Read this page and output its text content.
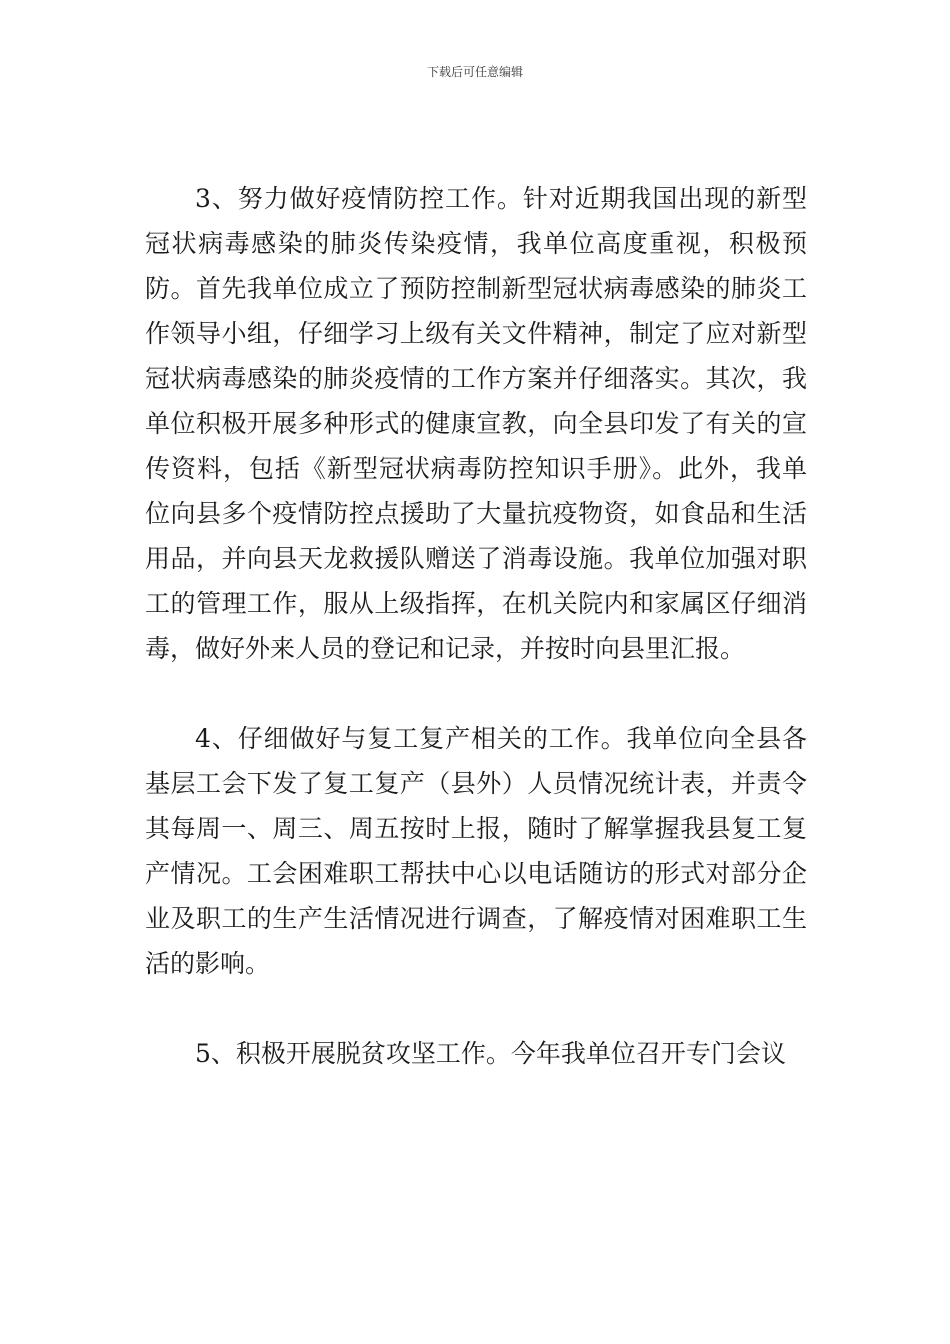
下载后可任意编辑

3、努力做好疫情防控工作。针对近期我国出现的新型冠状病毒感染的肺炎传染疫情，我单位高度重视，积极预防。首先我单位成立了预防控制新型冠状病毒感染的肺炎工作领导小组，仔细学习上级有关文件精神，制定了应对新型冠状病毒感染的肺炎疫情的工作方案并仔细落实。其次，我单位积极开展多种形式的健康宣教，向全县印发了有关的宣传资料，包括《新型冠状病毒防控知识手册》。此外，我单位向县多个疫情防控点援助了大量抗疫物资，如食品和生活用品，并向县天龙救援队赠送了消毒设施。我单位加强对职工的管理工作，服从上级指挥，在机关院内和家属区仔细消毒，做好外来人员的登记和记录，并按时向县里汇报。

4、仔细做好与复工复产相关的工作。我单位向全县各基层工会下发了复工复产（县外）人员情况统计表，并责令其每周一、周三、周五按时上报，随时了解掌握我县复工复产情况。工会困难职工帮扶中心以电话随访的形式对部分企业及职工的生产生活情况进行调查，了解疫情对困难职工生活的影响。

5、积极开展脱贫攻坚工作。今年我单位召开专门会议
